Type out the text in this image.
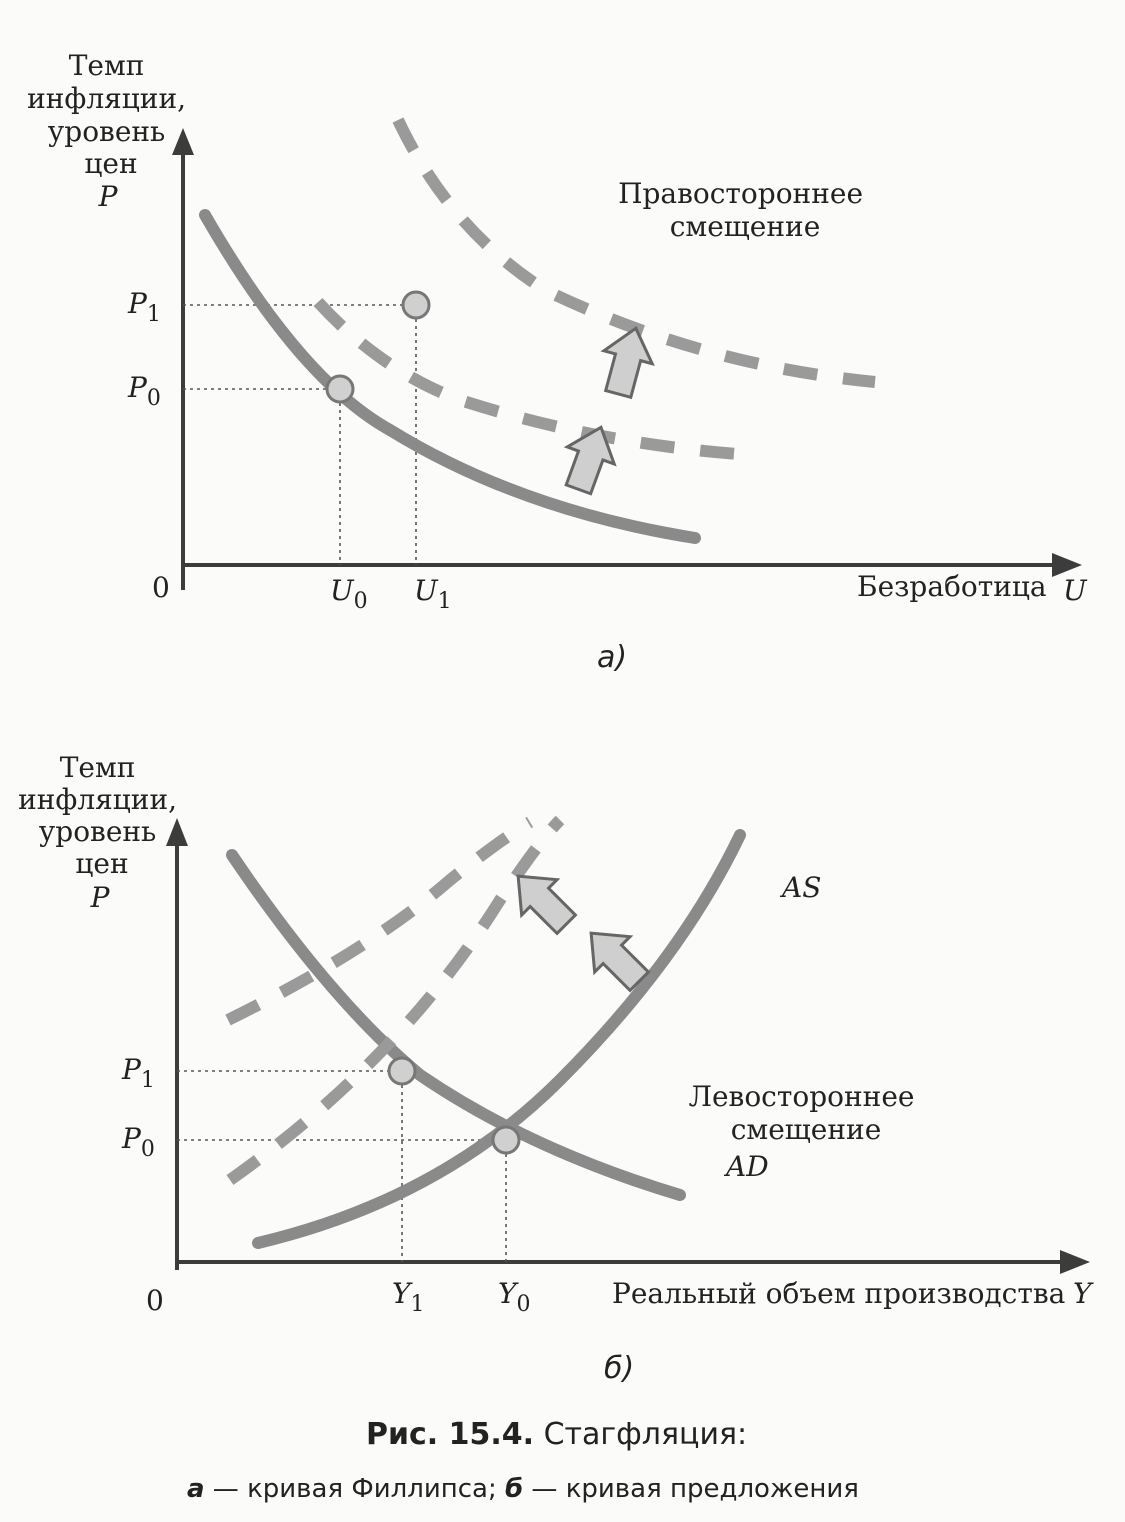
Темп инфляции, уровень цен
P
$P_1$
$P_0$
0	$U_0$ $U_1$	Безработица U
Правостороннее смещение
а)
Темп инфляции, уровень цен
P
$P_1$
$P_0$
0	$Y_1$	$Y_0$	Реальный объем производства Y
AS
AD
Левостороннее смещение
б)
Рис. 15.4. Стагфляция:
а — кривая Филлипса; б — кривая предложения
